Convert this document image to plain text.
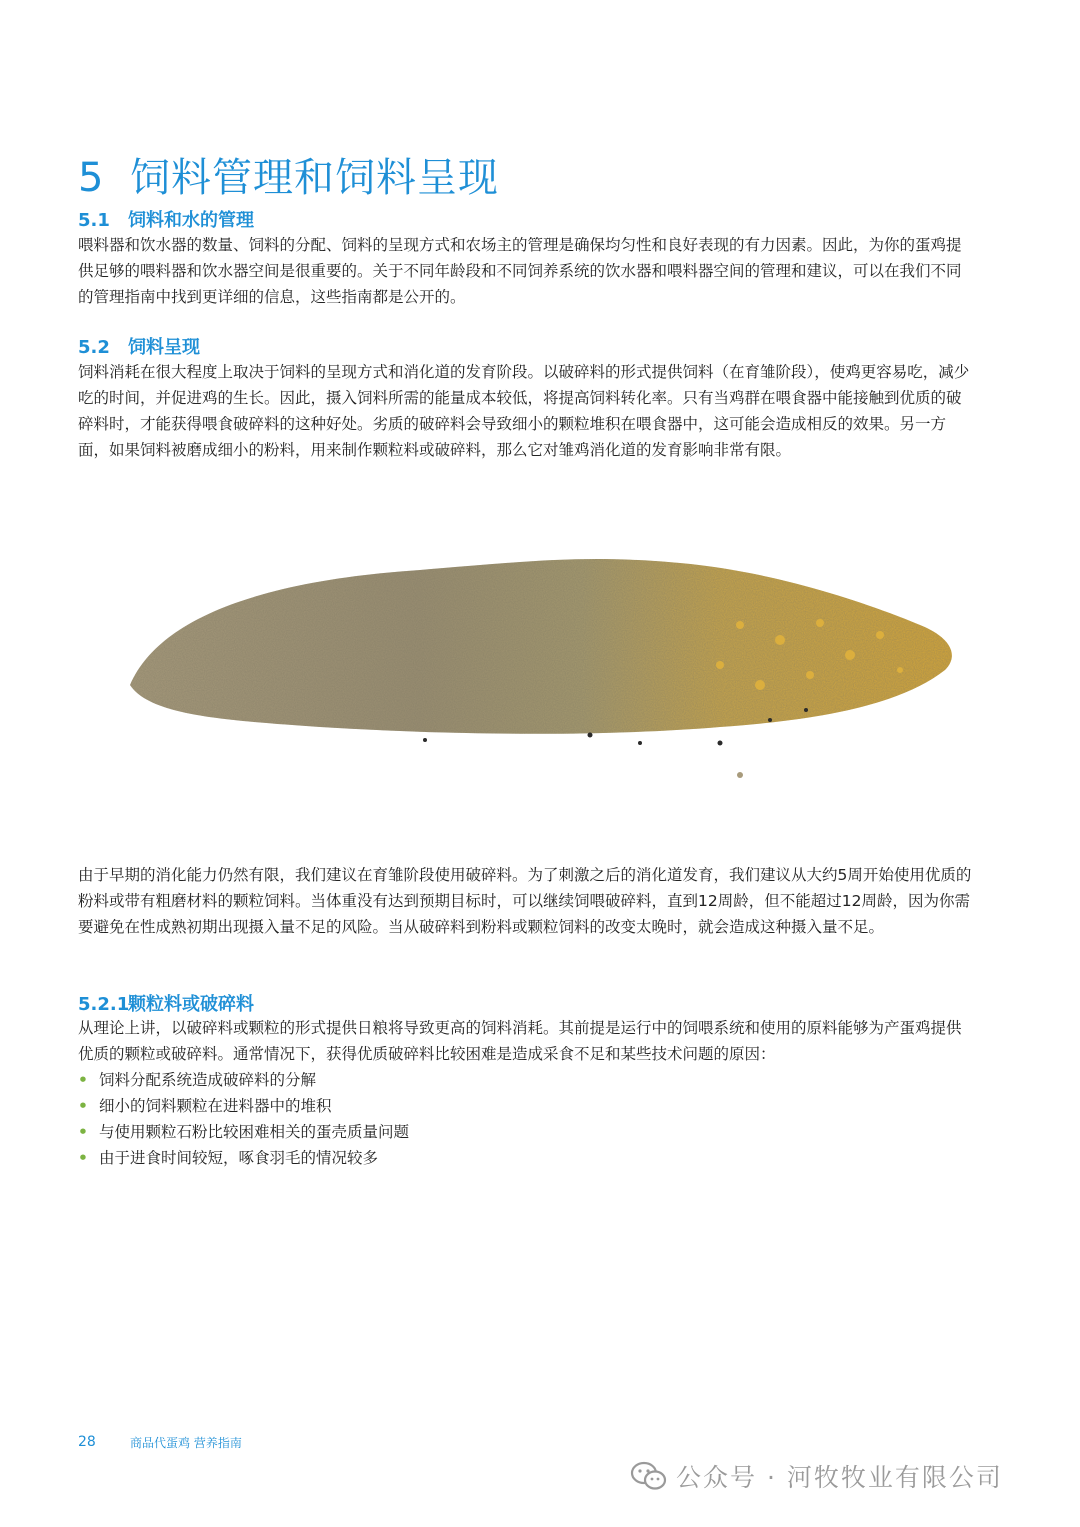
5 饲料管理和饲料呈现
5.1 饲料和水的管理

喂料器和饮水器的数量、饲料的分配、饲料的呈现方式和农场主的管理是确保均匀性和良好表现的有力因素。因此，为你的蛋鸡提供足够的喂料器和饮水器空间是很重要的。关于不同年龄段和不同饲养系统的饮水器和喂料器空间的管理和建议，可以在我们不同的管理指南中找到更详细的信息，这些指南都是公开的。

5.2 饲料呈现

饲料消耗在很大程度上取决于饲料的呈现方式和消化道的发育阶段。以破碎料的形式提供饲料（在育雏阶段），使鸡更容易吃，减少吃的时间，并促进鸡的生长。因此，摄入饲料所需的能量成本较低，将提高饲料转化率。只有当鸡群在喂食器中能接触到优质的破碎料时，才能获得喂食破碎料的这种好处。劣质的破碎料会导致细小的颗粒堆积在喂食器中，这可能会造成相反的效果。另一方面，如果饲料被磨成细小的粉料，用来制作颗粒料或破碎料，那么它对雏鸡消化道的发育影响非常有限。

由于早期的消化能力仍然有限，我们建议在育雏阶段使用破碎料。为了刺激之后的消化道发育，我们建议从大约5周开始使用优质的粉料或带有粗磨材料的颗粒饲料。当体重没有达到预期目标时，可以继续饲喂破碎料，直到12周龄，但不能超过12周龄，因为你需要避免在性成熟初期出现摄入量不足的风险。当从破碎料到粉料或颗粒饲料的改变太晚时，就会造成这种摄入量不足。

5.2.1颗粒料或破碎料

从理论上讲，以破碎料或颗粒的形式提供日粮将导致更高的饲料消耗。其前提是运行中的饲喂系统和使用的原料能够为产蛋鸡提供优质的颗粒或破碎料。通常情况下，获得优质破碎料比较困难是造成采食不足和某些技术问题的原因：

• 饲料分配系统造成破碎料的分解
• 细小的饲料颗粒在进料器中的堆积
• 与使用颗粒石粉比较困难相关的蛋壳质量问题
• 由于进食时间较短，啄食羽毛的情况较多
28	商品代蛋鸡 营养指南
公众号 · 河牧牧业有限公司
